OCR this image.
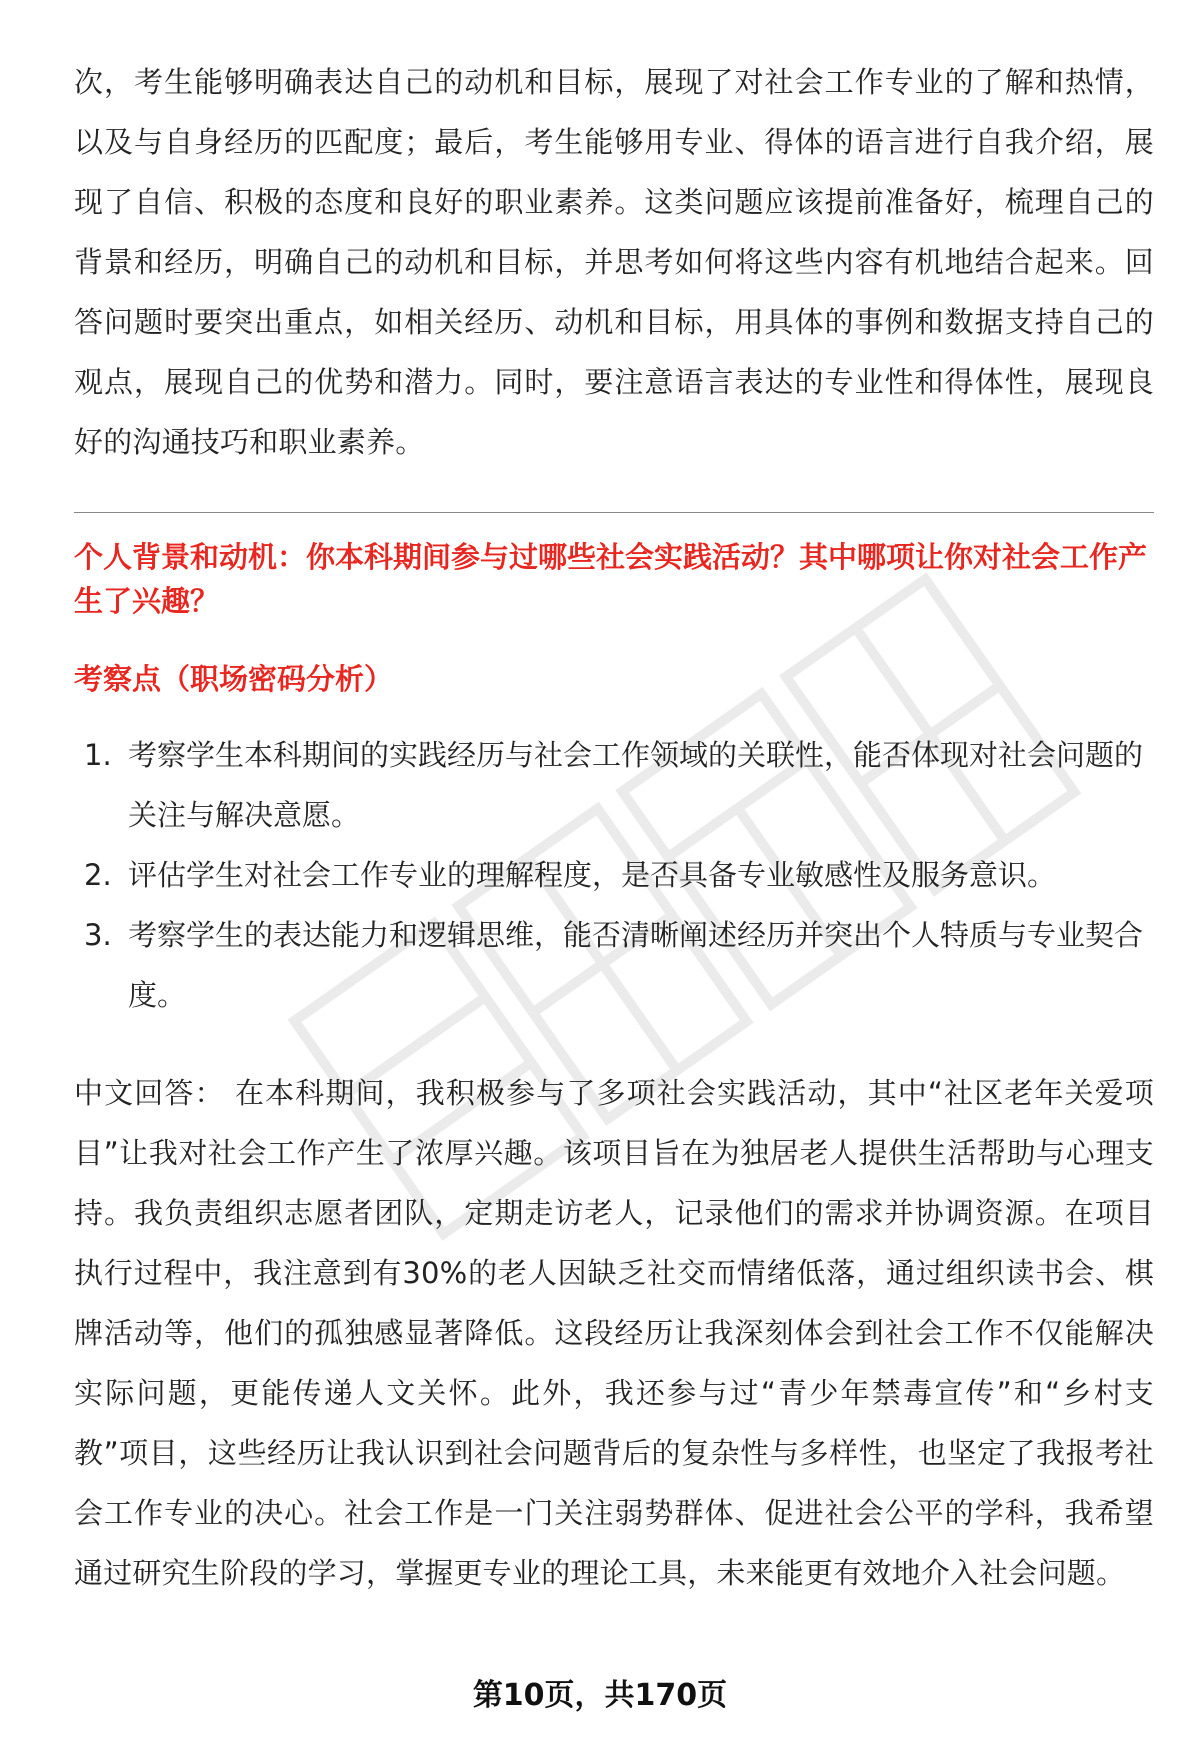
次，考生能够明确表达自己的动机和目标，展现了对社会工作专业的了解和热情，以及与自身经历的匹配度；最后，考生能够用专业、得体的语言进行自我介绍，展现了自信、积极的态度和良好的职业素养。这类问题应该提前准备好，梳理自己的背景和经历，明确自己的动机和目标，并思考如何将这些内容有机地结合起来。回答问题时要突出重点，如相关经历、动机和目标，用具体的事例和数据支持自己的观点，展现自己的优势和潜力。同时，要注意语言表达的专业性和得体性，展现良好的沟通技巧和职业素养。

个人背景和动机：你本科期间参与过哪些社会实践活动？其中哪项让你对社会工作产生了兴趣？

考察点（职场密码分析）

1. 考察学生本科期间的实践经历与社会工作领域的关联性，能否体现对社会问题的关注与解决意愿。
2. 评估学生对社会工作专业的理解程度，是否具备专业敏感性及服务意识。
3. 考察学生的表达能力和逻辑思维，能否清晰阐述经历并突出个人特质与专业契合度。

中文回答： 在本科期间，我积极参与了多项社会实践活动，其中“社区老年关爱项目”让我对社会工作产生了浓厚兴趣。该项目旨在为独居老人提供生活帮助与心理支持。我负责组织志愿者团队，定期走访老人，记录他们的需求并协调资源。在项目执行过程中，我注意到有30%的老人因缺乏社交而情绪低落，通过组织读书会、棋牌活动等，他们的孤独感显著降低。这段经历让我深刻体会到社会工作不仅能解决实际问题，更能传递人文关怀。此外，我还参与过“青少年禁毒宣传”和“乡村支教”项目，这些经历让我认识到社会问题背后的复杂性与多样性，也坚定了我报考社会工作专业的决心。社会工作是一门关注弱势群体、促进社会公平的学科，我希望通过研究生阶段的学习，掌握更专业的理论工具，未来能更有效地介入社会问题。

第10页，共170页
